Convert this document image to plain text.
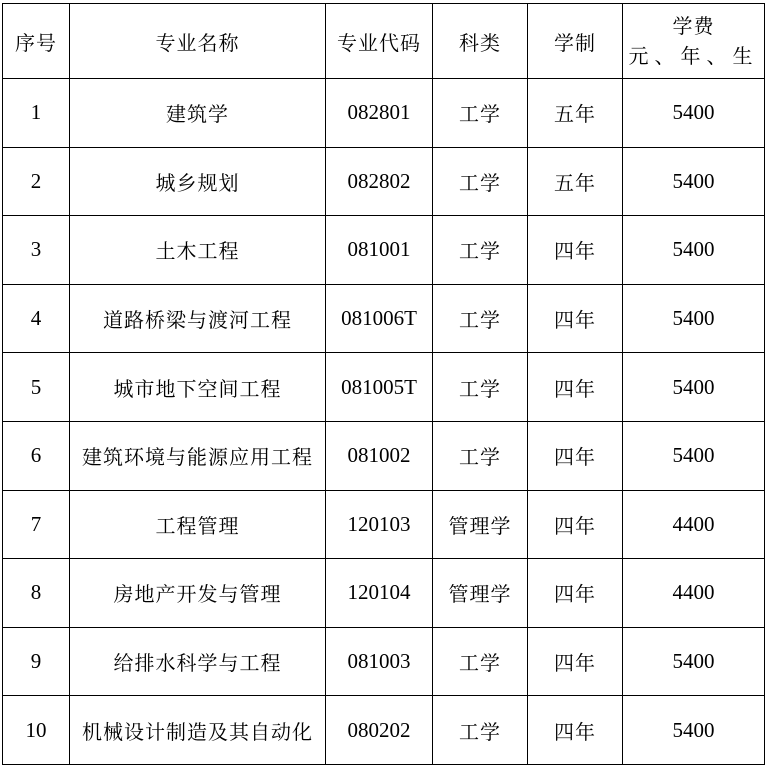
序号	专业名称	专业代码	科类	学制	学费
元、年、生

1	建筑学	082801	工学	五年	5400
2	城乡规划	082802	工学	五年	5400
3	土木工程	081001	工学	四年	5400
4	道路桥梁与渡河工程	081006T	工学	四年	5400
5	城市地下空间工程	081005T	工学	四年	5400
6	建筑环境与能源应用工程	081002	工学	四年	5400
7	工程管理	120103	管理学	四年	4400
8	房地产开发与管理	120104	管理学	四年	4400
9	给排水科学与工程	081003	工学	四年	5400
10	机械设计制造及其自动化	080202	工学	四年	5400
